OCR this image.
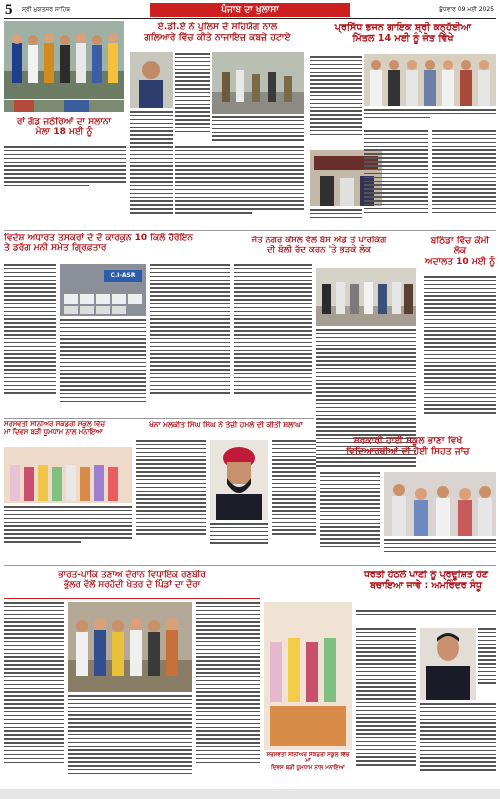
5 ਸ੍ਰੀ ਮੁਕਤਸਰ ਸਾਹਿਬ	ਪੰਜਾਬ ਦਾ ਖੁਲਾਸਾ	ਬੁੱਧਵਾਰ 09 ਮਈ 2025
ਰਾਂ ਗੱਡ ਜਠੇਰਿਆਂ ਦਾ ਸਲਾਨਾ
ਮੇਲਾ 18 ਮਈ ਨੂੰ
ਏ.ਡੀ.ਏ ਨੇ ਪੁਲਿਸ ਦੇ ਸਹਿਯੋਗ ਨਾਲ
ਗਲਿਆਰੇ ਵਿੱਚ ਕੀਤੇ ਨਾਜਾਇਜ਼ ਕਬਜ਼ੇ ਹਟਾਏ
ਪ੍ਰਸਿੱਧ ਭਜਨ ਗਾਇਕ ਸ਼੍ਰੀ ਕਨ੍ਹੱਈਆ
ਮਿੱਤਲ 14 ਮਈ ਨੂੰ ਜੋਤ ਵਿੱਖੇ
ਵਿਦੇਸ਼ ਅਧਾਰਤ ਤਸਕਰਾਂ ਦੇ ਦੋ ਕਾਰਕੁਨ 10 ਕਿਲੋ ਹੈਰੋਇਨ
ਤੇ ਡਰੱਗ ਮਨੀ ਸਮੇਤ ਗ੍ਰਿਫ਼ਤਾਰ
C.I-ASR
ਜੈਤੋ ਨਗਰ ਕੌਂਸਲ ਵੱਲੋਂ ਬੱਸ ਅੱਡੇ ਤੇ ਪਾਰਕਿੰਗ
ਦੀ ਬੋਲੀ ਰੱਦ ਕਰਨ 'ਤੇ ਭੜਕੇ ਲੋਕ
ਬਠਿੰਡਾ ਵਿੱਚ ਕੌਮੀ ਲੋਕ
ਅਦਾਲਤ 10 ਮਈ ਨੂੰ
ਸਰਸਵਤੀ ਸੀਨੀਅਰ ਸੈਕੰਡਰੀ ਸਕੂਲ ਵਿੱਚ
ਮਾਂ ਦਿਵਸ ਬੜੀ ਧੂਮਧਾਮ ਨਾਲ ਮਨਾਇਆ
ਖੰਨਾ ਮਲਕੀਤ ਸਿੰਘ ਸਿੰਘ ਨੇ ਤੇਜ਼ੀ ਹਮਲੇ ਦੀ ਕੀਤੀ ਸ਼ਲਾਘਾ
ਸਰਕਾਰੀ ਹਾਈ ਸਕੂਲ ਭਾਣਾ ਵਿਖੇ
ਵਿਦਿਆਰਥੀਆਂ ਦੀ ਹੋਈ ਸਿਹਤ ਜਾਂਚ
ਭਾਰਤ-ਪਾਕਿ ਤਣਾਅ ਦੌਰਾਨ ਵਿਧਾਇਕ ਰਣਬੀਰ
ਭੁੱਲਰ ਵੱਲੋਂ ਸਰਹੱਦੀ ਖੇਤਰ ਦੇ ਪਿੰਡਾਂ ਦਾ ਦੌਰਾ
ਸਰਸਵਤੀ ਸੀਨੀਅਰ ਸੈਕੰਡਰੀ ਸਕੂਲ ਵਿੱਚ ਮਾਂ
ਦਿਵਸ ਬੜੀ ਧੂਮਧਾਮ ਨਾਲ ਮਨਾਇਆ
ਧਰਤੀ ਹੇਠਲੇ ਪਾਣੀ ਨੂੰ ਪ੍ਰਦੂਸ਼ਿਤ ਹੋਣ
ਬਚਾਇਆ ਜਾਵੇ : ਅਮਰਿੰਦਰ ਸੰਧੂ
